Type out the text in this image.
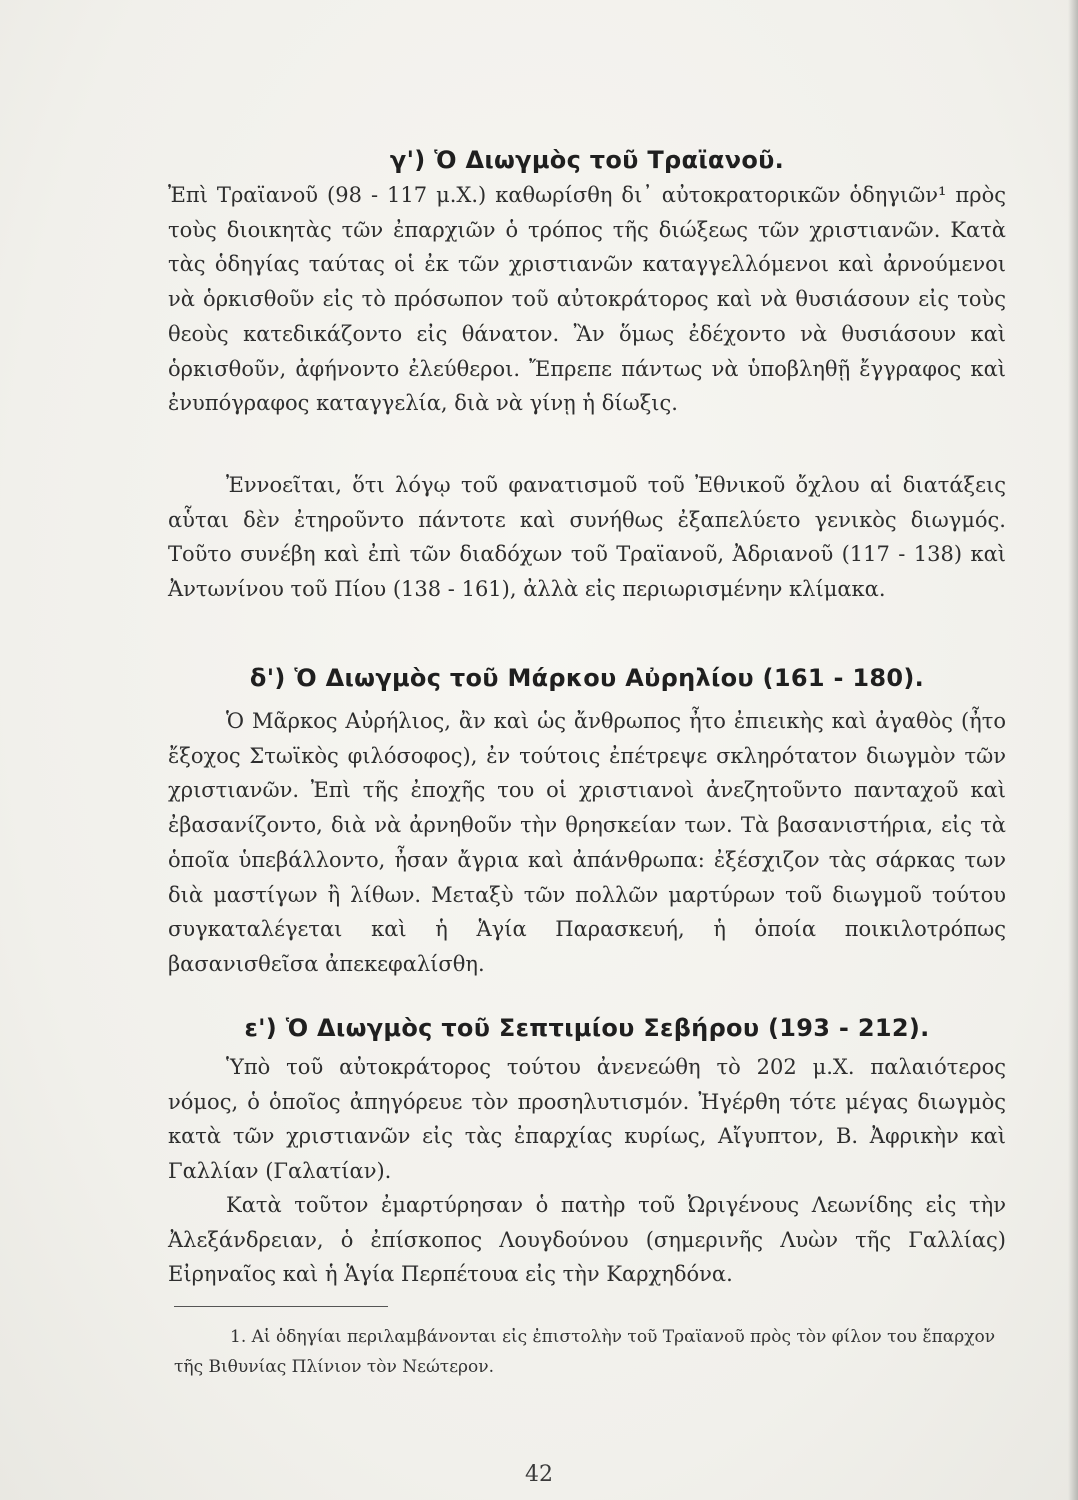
γ') Ὁ Διωγμὸς τοῦ Τραϊανοῦ.

Ἐπὶ Τραϊανοῦ (98 - 117 μ.Χ.) καθωρίσθη δι᾽ αὐτοκρατορικῶν ὁδηγιῶν¹ πρὸς τοὺς διοικητὰς τῶν ἐπαρχιῶν ὁ τρόπος τῆς διώξεως τῶν χριστιανῶν. Κατὰ τὰς ὁδηγίας ταύτας οἱ ἐκ τῶν χριστιανῶν καταγγελλόμενοι καὶ ἀρνούμενοι νὰ ὁρκισθοῦν εἰς τὸ πρόσωπον τοῦ αὐτοκράτορος καὶ νὰ θυσιάσουν εἰς τοὺς θεοὺς κατεδικάζοντο εἰς θάνατον. Ἂν ὅμως ἐδέχοντο νὰ θυσιάσουν καὶ ὁρκισθοῦν, ἀφήνοντο ἐλεύθεροι. Ἔπρεπε πάντως νὰ ὑποβληθῇ ἔγγραφος καὶ ἐνυπόγραφος καταγγελία, διὰ νὰ γίνῃ ἡ δίωξις.

Ἐννοεῖται, ὅτι λόγῳ τοῦ φανατισμοῦ τοῦ Ἐθνικοῦ ὄχλου αἱ διατάξεις αὗται δὲν ἐτηροῦντο πάντοτε καὶ συνήθως ἐξαπελύετο γενικὸς διωγμός. Τοῦτο συνέβη καὶ ἐπὶ τῶν διαδόχων τοῦ Τραϊανοῦ, Ἀδριανοῦ (117 - 138) καὶ Ἀντωνίνου τοῦ Πίου (138 - 161), ἀλλὰ εἰς περιωρισμένην κλίμακα.

δ') Ὁ Διωγμὸς τοῦ Μάρκου Αὐρηλίου (161 - 180).

Ὁ Μᾶρκος Αὐρήλιος, ἂν καὶ ὡς ἄνθρωπος ἦτο ἐπιεικὴς καὶ ἀγαθὸς (ἦτο ἔξοχος Στωϊκὸς φιλόσοφος), ἐν τούτοις ἐπέτρεψε σκληρότατον διωγμὸν τῶν χριστιανῶν. Ἐπὶ τῆς ἐποχῆς του οἱ χριστιανοὶ ἀνεζητοῦντο πανταχοῦ καὶ ἐβασανίζοντο, διὰ νὰ ἀρνηθοῦν τὴν θρησκείαν των. Τὰ βασανιστήρια, εἰς τὰ ὁποῖα ὑπεβάλλοντο, ἦσαν ἄγρια καὶ ἀπάνθρωπα: ἐξέσχιζον τὰς σάρκας των διὰ μαστίγων ἢ λίθων. Μεταξὺ τῶν πολλῶν μαρτύρων τοῦ διωγμοῦ τούτου συγκαταλέγεται καὶ ἡ Ἁγία Παρασκευή, ἡ ὁποία ποικιλοτρόπως βασανισθεῖσα ἀπεκεφαλίσθη.

ε') Ὁ Διωγμὸς τοῦ Σεπτιμίου Σεβήρου (193 - 212).

Ὑπὸ τοῦ αὐτοκράτορος τούτου ἀνενεώθη τὸ 202 μ.Χ. παλαιότερος νόμος, ὁ ὁποῖος ἀπηγόρευε τὸν προσηλυτισμόν. Ἠγέρθη τότε μέγας διωγμὸς κατὰ τῶν χριστιανῶν εἰς τὰς ἐπαρχίας κυρίως, Αἴγυπτον, Β. Ἀφρικὴν καὶ Γαλλίαν (Γαλατίαν).

Κατὰ τοῦτον ἐμαρτύρησαν ὁ πατὴρ τοῦ Ὠριγένους Λεωνίδης εἰς τὴν Ἀλεξάνδρειαν, ὁ ἐπίσκοπος Λουγδούνου (σημερινῆς Λυὼν τῆς Γαλλίας) Εἰρηναῖος καὶ ἡ Ἁγία Περπέτουα εἰς τὴν Καρχηδόνα.

1. Αἱ ὁδηγίαι περιλαμβάνονται εἰς ἐπιστολὴν τοῦ Τραϊανοῦ πρὸς τὸν φίλον του ἔπαρχον τῆς Βιθυνίας Πλίνιον τὸν Νεώτερον.

42
